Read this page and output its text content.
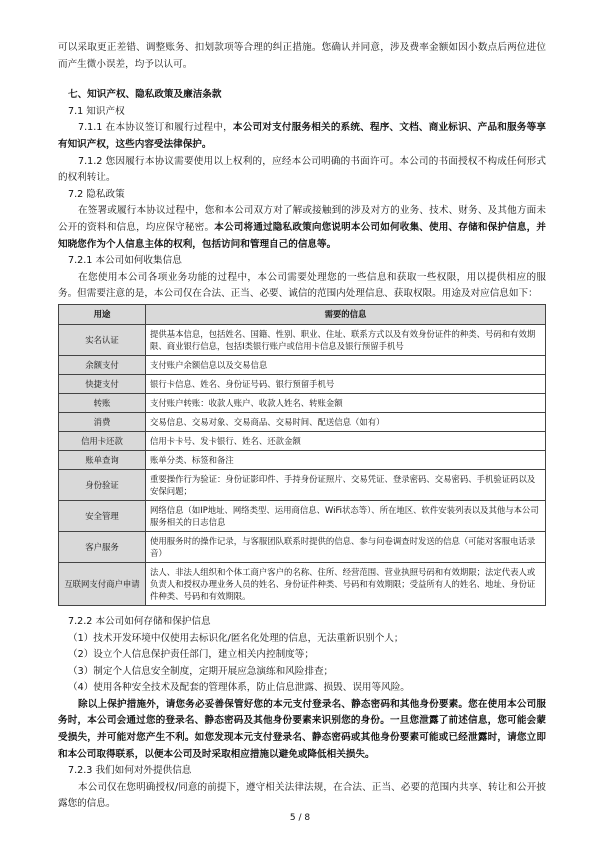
可以采取更正差错、调整账务、扣划款项等合理的纠正措施。您确认并同意，涉及费率金额如因小数点后两位进位而产生微小误差，均予以认可。

七、知识产权、隐私政策及廉洁条款

7.1 知识产权

7.1.1 在本协议签订和履行过程中，本公司对支付服务相关的系统、程序、文档、商业标识、产品和服务等享有知识产权，这些内容受法律保护。

7.1.2 您因履行本协议需要使用以上权利的，应经本公司明确的书面许可。本公司的书面授权不构成任何形式的权利转让。

7.2 隐私政策

在签署或履行本协议过程中，您和本公司双方对了解或接触到的涉及对方的业务、技术、财务、及其他方面未公开的资料和信息，均应保守秘密。本公司将通过隐私政策向您说明本公司如何收集、使用、存储和保护信息，并知晓您作为个人信息主体的权利，包括访问和管理自己的信息等。

7.2.1 本公司如何收集信息

在您使用本公司各项业务功能的过程中，本公司需要处理您的一些信息和获取一些权限，用以提供相应的服务。但需要注意的是，本公司仅在合法、正当、必要、诚信的范围内处理信息、获取权限。用途及对应信息如下：

用途	需要的信息
实名认证	提供基本信息，包括姓名、国籍、性别、职业、住址、联系方式以及有效身份证件的种类、号码和有效期限、商业银行信息，包括Ⅰ类银行账户或信用卡信息及银行预留手机号
余额支付	支付账户余额信息以及交易信息
快捷支付	银行卡信息、姓名、身份证号码、银行预留手机号
转账	支付账户转账：收款人账户、收款人姓名、转账金额
消费	交易信息、交易对象、交易商品、交易时间、配送信息（如有）
信用卡还款	信用卡卡号、发卡银行、姓名、还款金额
账单查询	账单分类、标签和备注
身份验证	重要操作行为验证：身份证影印件、手持身份证照片、交易凭证、登录密码、交易密码、手机验证码以及安保问题；
安全管理	网络信息（如IP地址、网络类型、运用商信息、WiFi状态等）、所在地区、软件安装列表以及其他与本公司服务相关的日志信息
客户服务	使用服务时的操作记录，与客服团队联系时提供的信息、参与问卷调查时发送的信息（可能对客服电话录音）
互联网支付商户申请	法人、非法人组织和个体工商户客户的名称、住所、经营范围、营业执照号码和有效期限；法定代表人或负责人和授权办理业务人员的姓名、身份证件种类、号码和有效期限；受益所有人的姓名、地址、身份证件种类、号码和有效期限。

7.2.2 本公司如何存储和保护信息

（1）技术开发环境中仅使用去标识化/匿名化处理的信息，无法重新识别个人；

（2）设立个人信息保护责任部门，建立相关内控制度等；

（3）制定个人信息安全制度，定期开展应急演练和风险排查；

（4）使用各种安全技术及配套的管理体系，防止信息泄露、损毁、误用等风险。

除以上保护措施外，请您务必妥善保管好您的本元支付登录名、静态密码和其他身份要素。您在使用本公司服务时，本公司会通过您的登录名、静态密码及其他身份要素来识别您的身份。一旦您泄露了前述信息，您可能会蒙受损失，并可能对您产生不利。如您发现本元支付登录名、静态密码或其他身份要素可能或已经泄露时，请您立即和本公司取得联系，以便本公司及时采取相应措施以避免或降低相关损失。

7.2.3 我们如何对外提供信息

本公司仅在您明确授权/同意的前提下，遵守相关法律法规，在合法、正当、必要的范围内共享、转让和公开披露您的信息。

5 / 8
